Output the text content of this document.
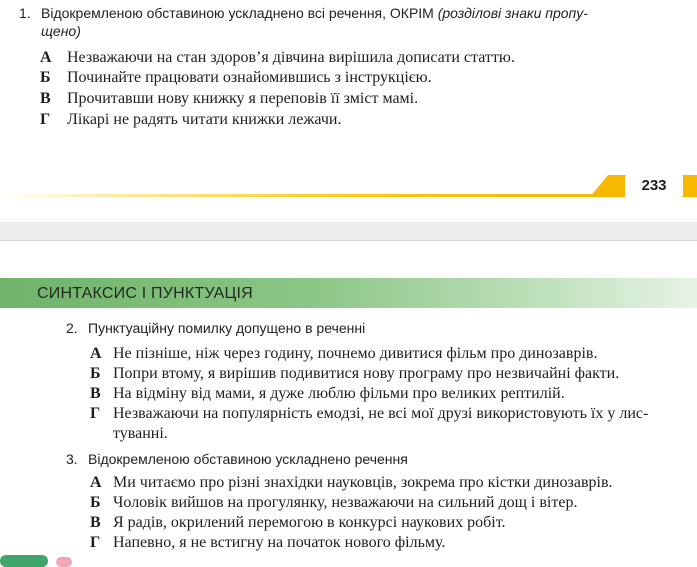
1. Відокремленою обставиною ускладнено всі речення, ОКРІМ (розділові знаки пропу-
щено)
А Незважаючи на стан здоров’я дівчина вирішила дописати статтю.
Б Починайте працювати ознайомившись з інструкцією.
В Прочитавши нову книжку я переповів її зміст мамі.
Г Лікарі не радять читати книжки лежачи.
233
СИНТАКСИС І ПУНКТУАЦІЯ
2. Пунктуаційну помилку допущено в реченні
А Не пізніше, ніж через годину, почнемо дивитися фільм про динозаврів.
Б Попри втому, я вирішив подивитися нову програму про незвичайні факти.
В На відміну від мами, я дуже люблю фільми про великих рептилій.
Г Незважаючи на популярність емодзі, не всі мої друзі використовують їх у лис-
туванні.
3. Відокремленою обставиною ускладнено речення
А Ми читаємо про різні знахідки науковців, зокрема про кістки динозаврів.
Б Чоловік вийшов на прогулянку, незважаючи на сильний дощ і вітер.
В Я радів, окрилений перемогою в конкурсі наукових робіт.
Г Напевно, я не встигну на початок нового фільму.
